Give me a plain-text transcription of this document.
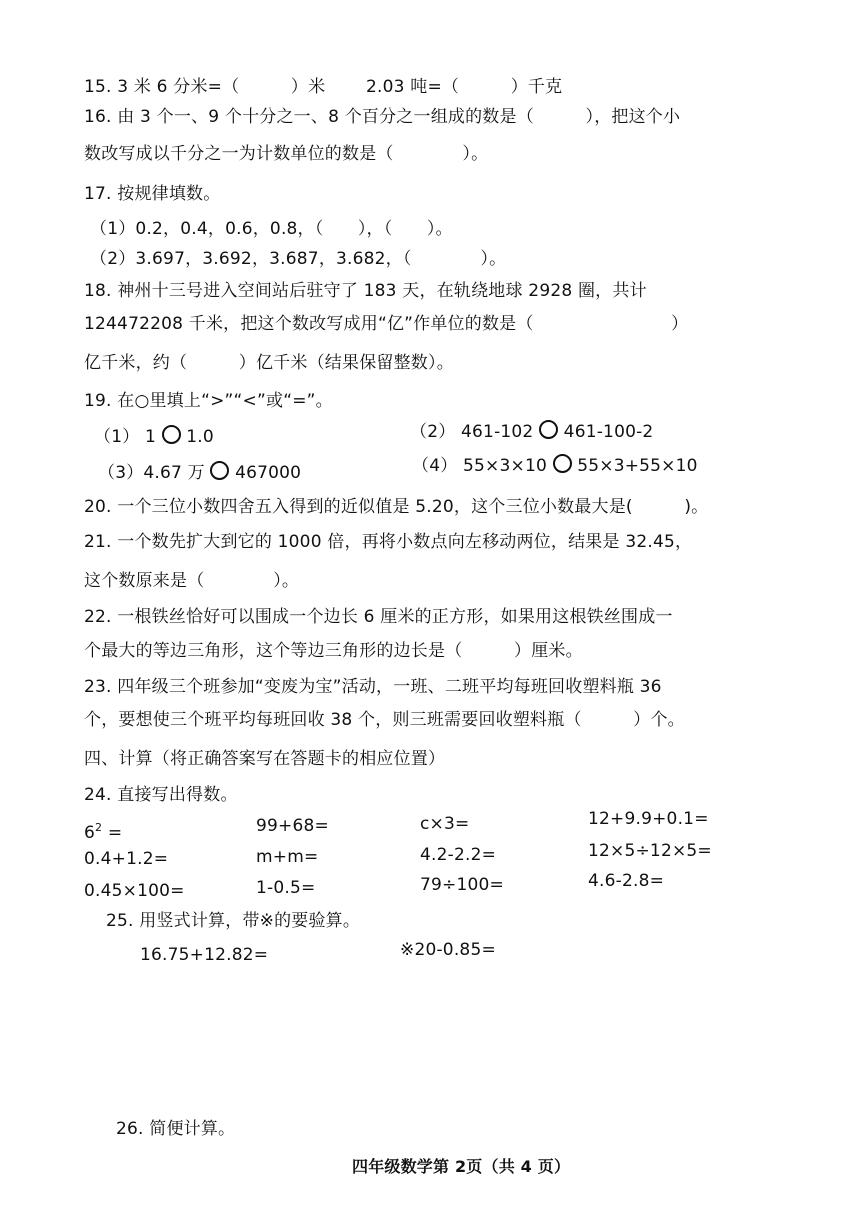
15. 3 米 6 分米=（　　　）米 2.03 吨=（　　　）千克
16. 由 3 个一、9 个十分之一、8 个百分之一组成的数是（　　　），把这个小
数改写成以千分之一为计数单位的数是（　　　　）。
17. 按规律填数。
（1）0.2，0.4，0.6，0.8，（　　），（　　）。
（2）3.697，3.692，3.687，3.682，（　　　　）。
18. 神州十三号进入空间站后驻守了 183 天，在轨绕地球 2928 圈，共计
124472208 千米，把这个数改写成用“亿”作单位的数是（　　　　　　　　）
亿千米，约（　　　）亿千米（结果保留整数）。
19. 在○里填上“>”“<”或“=”。
（1） 1 1.0	（2） 461-102 461-100-2
（3）4.67 万 467000	（4） 55×3×10 55×3+55×10
20. 一个三位小数四舍五入得到的近似值是 5.20，这个三位小数最大是(　　　)。
21. 一个数先扩大到它的 1000 倍，再将小数点向左移动两位，结果是 32.45，
这个数原来是（　　　　）。
22. 一根铁丝恰好可以围成一个边长 6 厘米的正方形，如果用这根铁丝围成一
个最大的等边三角形，这个等边三角形的边长是（　　　）厘米。
23. 四年级三个班参加“变废为宝”活动，一班、二班平均每班回收塑料瓶 36
个，要想使三个班平均每班回收 38 个，则三班需要回收塑料瓶（　　　）个。
四、计算（将正确答案写在答题卡的相应位置）
24. 直接写出得数。
$6^2$ =	99+68=	c×3=	12+9.9+0.1=
0.4+1.2=	m+m=	4.2-2.2=	12×5÷12×5=
0.45×100=	1-0.5=	79÷100=	4.6-2.8=
25. 用竖式计算，带※的要验算。
16.75+12.82=	※20-0.85=
26. 简便计算。
四年级数学第 2页（共 4 页）
